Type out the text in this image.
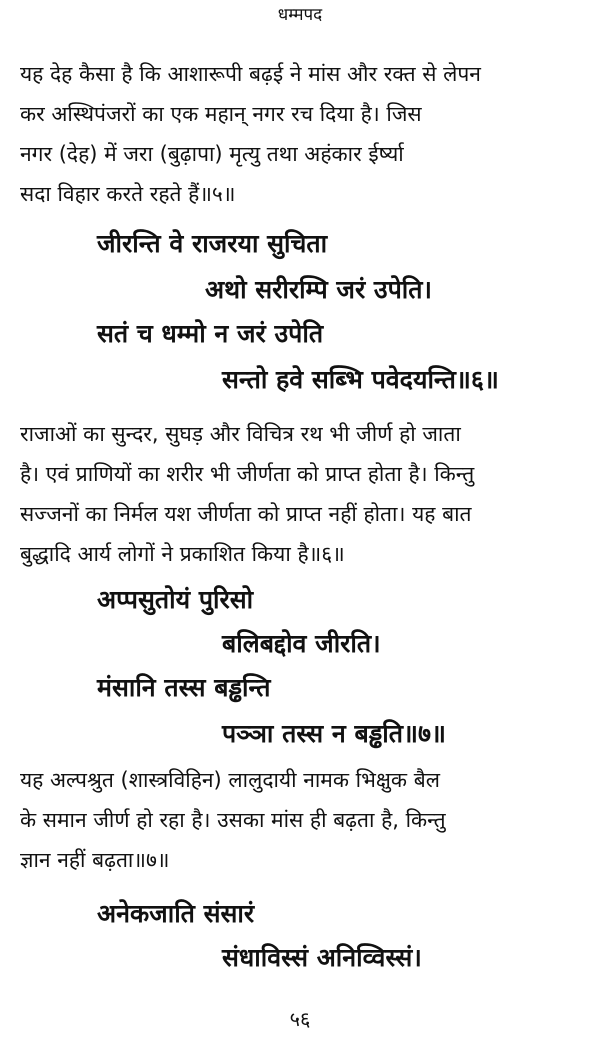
धम्मपद
यह देह कैसा है कि आशारूपी बढ़ई ने मांस और रक्त से लेपन
कर अस्थिपंजरों का एक महान् नगर रच दिया है। जिस
नगर (देह) में जरा (बुढ़ापा) मृत्यु तथा अहंकार ईर्ष्या
सदा विहार करते रहते हैं॥५॥
जीरन्ति वे राजरया सुचिता
अथो सरीरम्पि जरं उपेति।
सतं च धम्मो न जरं उपेति
सन्तो हवे सब्भि पवेदयन्ति॥६॥
राजाओं का सुन्दर, सुघड़ और विचित्र रथ भी जीर्ण हो जाता
है। एवं प्राणियों का शरीर भी जीर्णता को प्राप्त होता है। किन्तु
सज्जनों का निर्मल यश जीर्णता को प्राप्त नहीं होता। यह बात
बुद्धादि आर्य लोगों ने प्रकाशित किया है॥६॥
अप्पसुतोयं पुरिसो
बलिबद्दोव जीरति।
मंसानि तस्स बड्ढन्ति
पञ्ञा तस्स न बड्ढति॥७॥
यह अल्पश्रुत (शास्त्रविहिन) लालुदायी नामक भिक्षुक बैल
के समान जीर्ण हो रहा है। उसका मांस ही बढ़ता है, किन्तु
ज्ञान नहीं बढ़ता॥७॥
अनेकजाति संसारं
संधाविस्सं अनिव्विस्सं।
५६
